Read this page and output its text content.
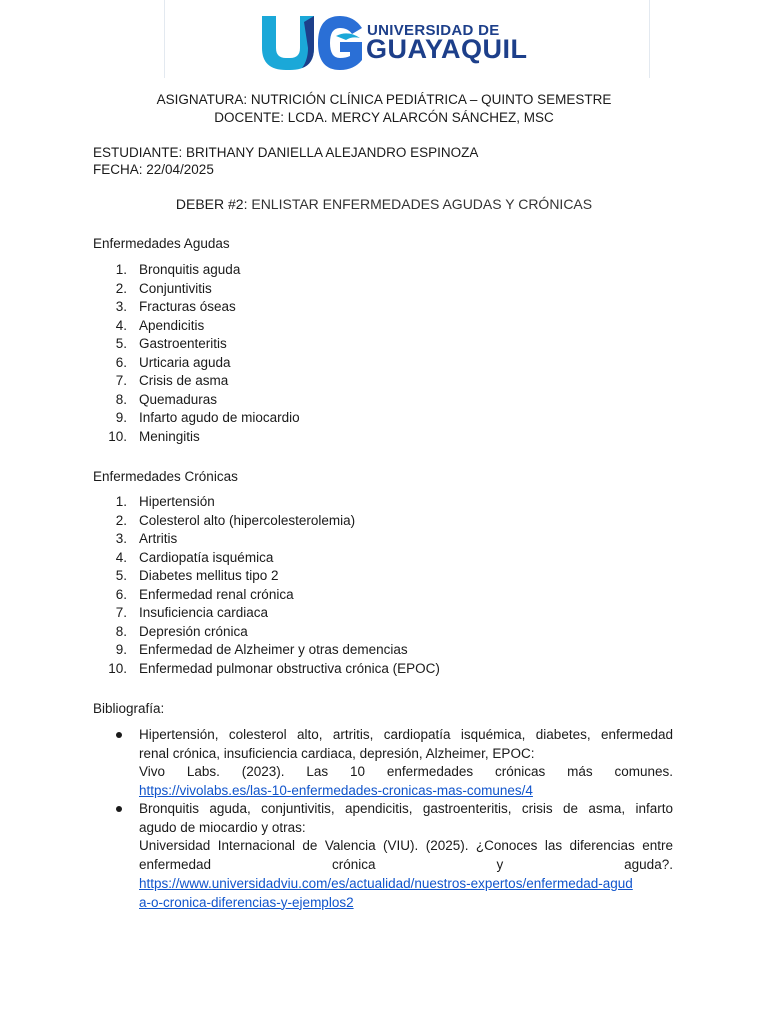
UNIVERSIDAD DE
GUAYAQUIL
ASIGNATURA: NUTRICIÓN CLÍNICA PEDIÁTRICA – QUINTO SEMESTRE
DOCENTE: LCDA. MERCY ALARCÓN SÁNCHEZ, MSC
ESTUDIANTE: BRITHANY DANIELLA ALEJANDRO ESPINOZA
FECHA: 22/04/2025
DEBER #2: ENLISTAR ENFERMEDADES AGUDAS Y CRÓNICAS
Enfermedades Agudas
1. Bronquitis aguda
2. Conjuntivitis
3. Fracturas óseas
4. Apendicitis
5. Gastroenteritis
6. Urticaria aguda
7. Crisis de asma
8. Quemaduras
9. Infarto agudo de miocardio
10. Meningitis
Enfermedades Crónicas
1. Hipertensión
2. Colesterol alto (hipercolesterolemia)
3. Artritis
4. Cardiopatía isquémica
5. Diabetes mellitus tipo 2
6. Enfermedad renal crónica
7. Insuficiencia cardiaca
8. Depresión crónica
9. Enfermedad de Alzheimer y otras demencias
10. Enfermedad pulmonar obstructiva crónica (EPOC)
Bibliografía:
Hipertensión, colesterol alto, artritis, cardiopatía isquémica, diabetes, enfermedad
renal crónica, insuficiencia cardiaca, depresión, Alzheimer, EPOC:
Vivo Labs. (2023). Las 10 enfermedades crónicas más comunes.
https://vivolabs.es/las-10-enfermedades-cronicas-mas-comunes/4
Bronquitis aguda, conjuntivitis, apendicitis, gastroenteritis, crisis de asma, infarto
agudo de miocardio y otras:
Universidad Internacional de Valencia (VIU). (2025). ¿Conoces las diferencias entre
enfermedad	crónica	y	aguda?.
https://www.universidadviu.com/es/actualidad/nuestros-expertos/enfermedad-agud
a-o-cronica-diferencias-y-ejemplos2
